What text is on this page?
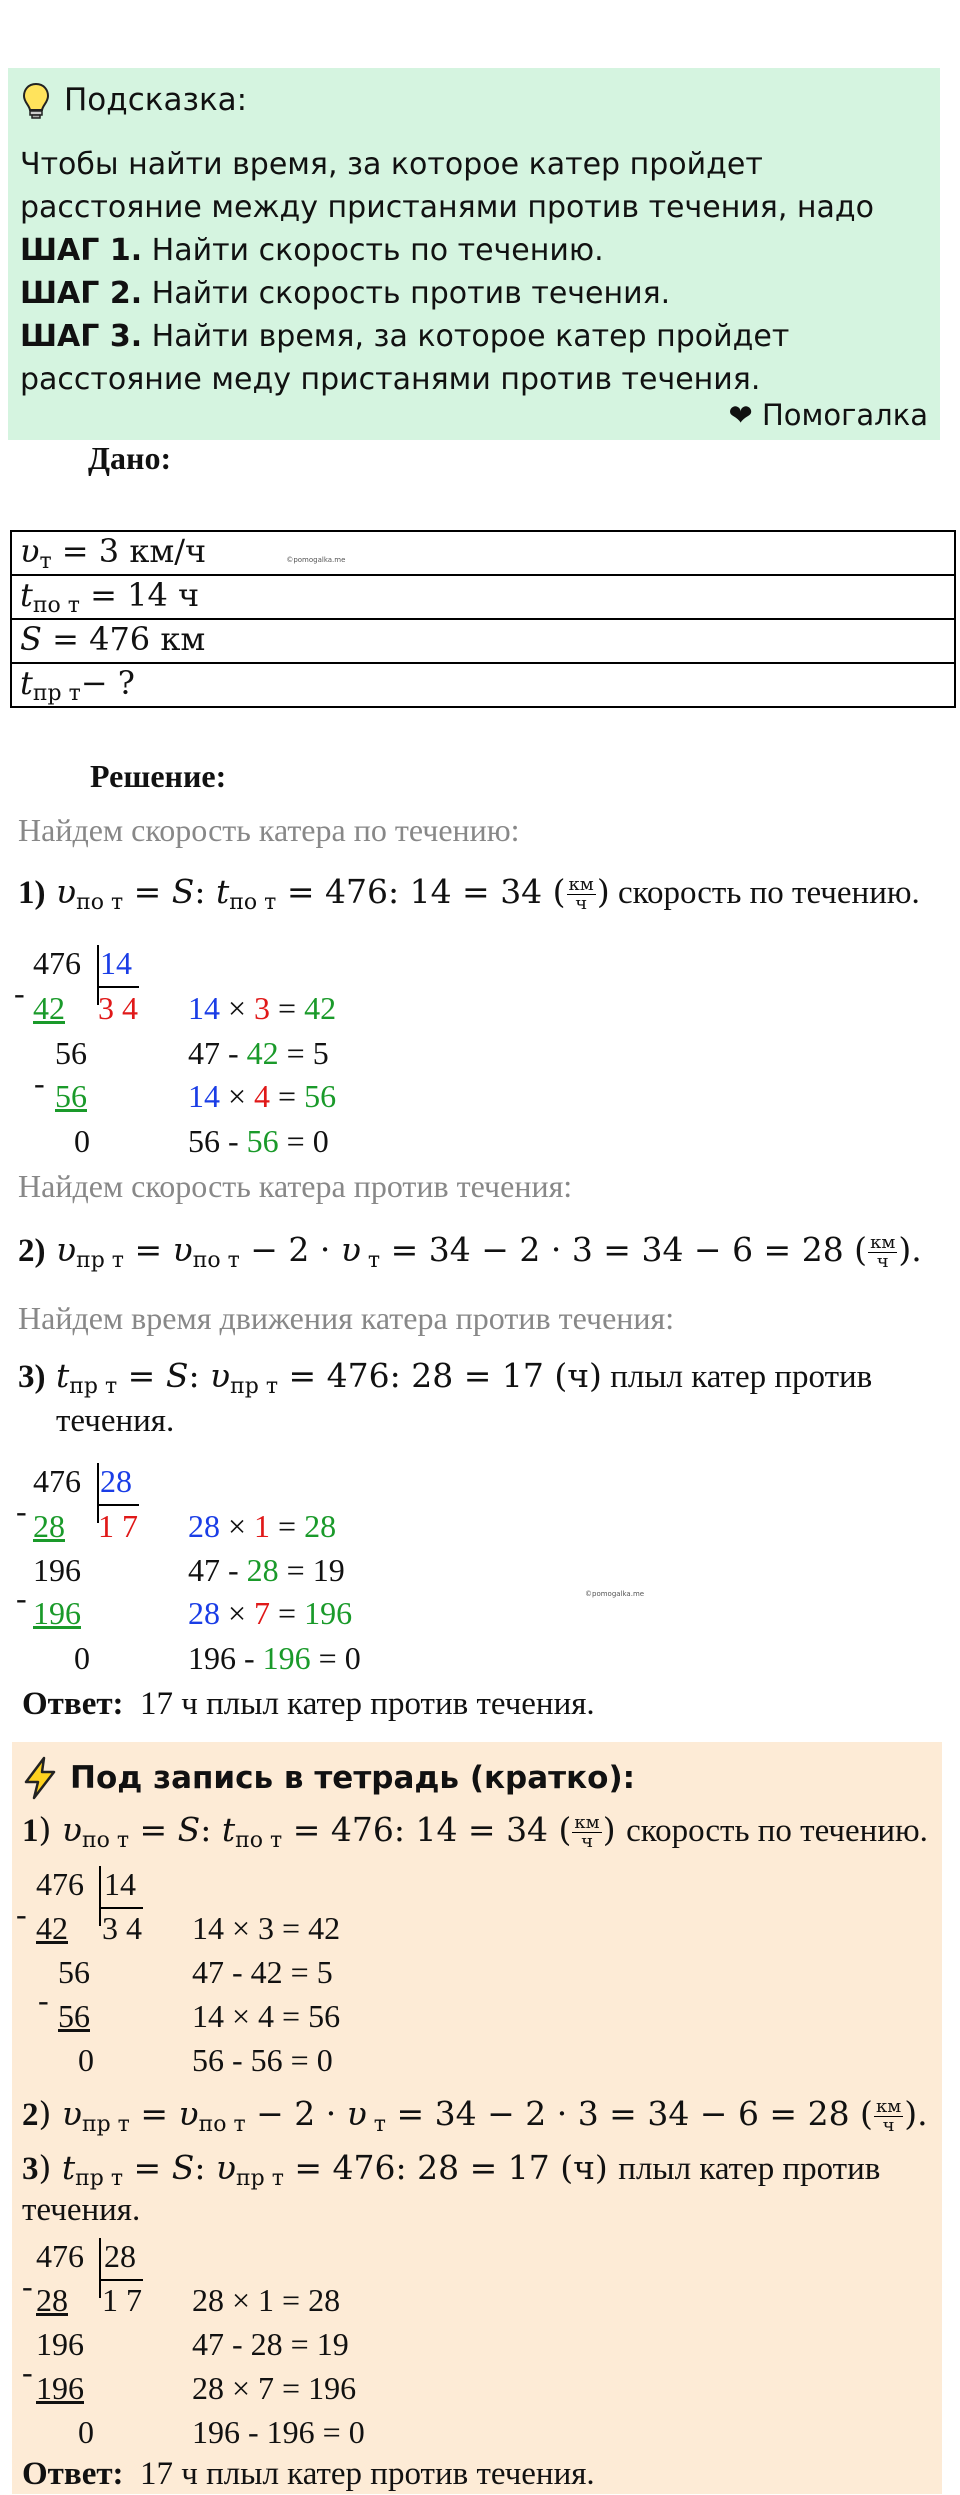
Подсказка:
Чтобы найти время, за которое катер пройдет расстояние между пристанями против течения, надо
ШАГ 1. Найти скорость по течению.
ШАГ 2. Найти скорость против течения.
ШАГ 3. Найти время, за которое катер пройдет расстояние меду пристанями против течения.
❤ Помогалка
Дано:
$\upsilon_т = 3$ км/ч	©pomogalka.me
$t_{по т} = 14$ ч
S = 476 км
$t_{пр т}-$ ?
Решение:
Найдем скорость катера по течению:
1) $\upsilon_{по т} = S$: $t_{по т} = 476$: 14 = 34 ( $\frac{км}{ч}$ ) скорость по течению.
476 14
- 42 3 4
56
- 56
0
14 × 3 = 42
47 - 42 = 5
14 × 4 = 56
56 - 56 = 0
Найдем скорость катера против течения:
2) $\upsilon_{пр т} = \upsilon_{по т} - 2 \cdot \upsilon$ $_т$ = 34 − 2 · 3 = 34 − 6 = 28 ( $\frac{км}{ч}$ ).
Найдем время движения катера против течения:
3) $t_{пр т} = S$: $\upsilon_{пр т} = 476$: 28 = 17 (ч) плыл катер против
течения.
476 28
- 28 1 7
196
- 196
0
28 × 1 = 28
47 - 28 = 19
28 × 7 = 196
196 - 196 = 0
©pomogalka.me
Ответ: 17 ч плыл катер против течения.
Под запись в тетрадь (кратко):
1) $\upsilon_{по т} = S$: $t_{по т} = 476$: 14 = 34 ( $\frac{км}{ч}$ ) скорость по течению.
476 14
- 42 3 4
56
- 56
0
14 × 3 = 42
47 - 42 = 5
14 × 4 = 56
56 - 56 = 0
2) $\upsilon_{пр т} = \upsilon_{по т} - 2 \cdot \upsilon$ $_т$ = 34 − 2 · 3 = 34 − 6 = 28 ( $\frac{км}{ч}$ ).
3) $t_{пр т} = S$: $\upsilon_{пр т} = 476$: 28 = 17 (ч) плыл катер против
течения.
476 28
- 28 1 7
196
- 196
0
28 × 1 = 28
47 - 28 = 19
28 × 7 = 196
196 - 196 = 0
Ответ: 17 ч плыл катер против течения.
